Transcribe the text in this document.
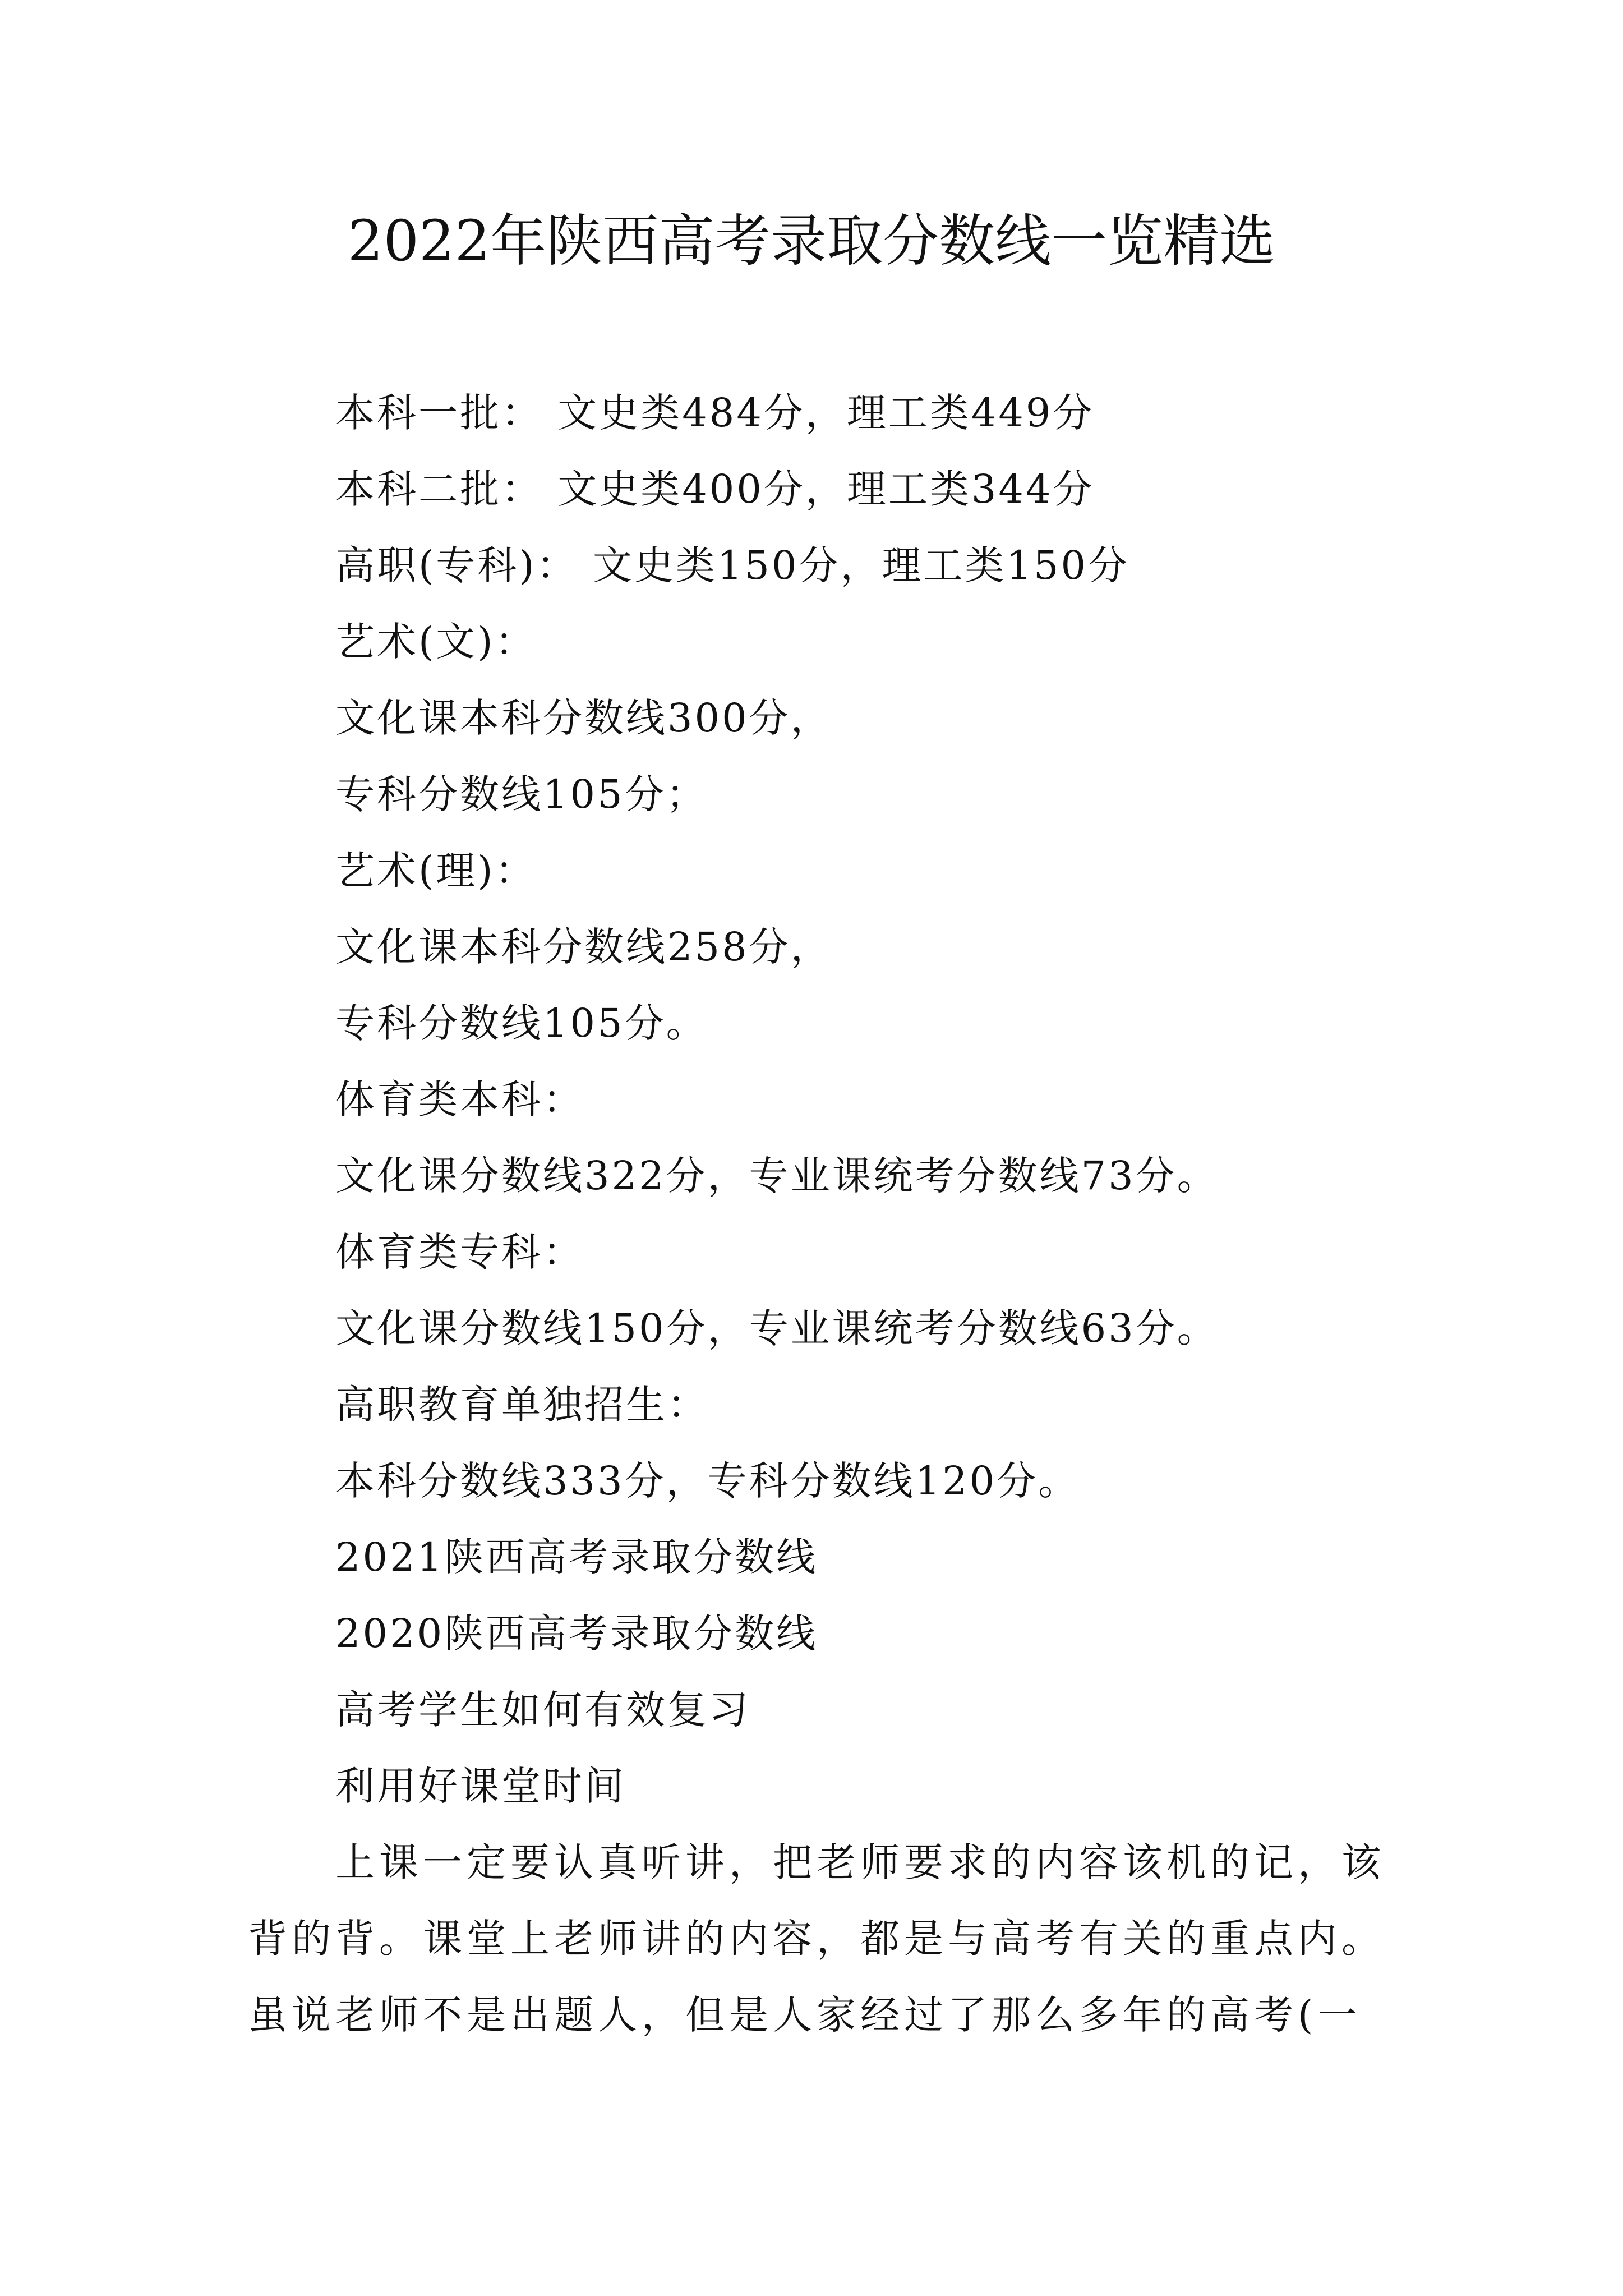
2022年陕西高考录取分数线一览精选
本科一批： 文史类484分，理工类449分
本科二批： 文史类400分，理工类344分
高职(专科)： 文史类150分，理工类150分
艺术(文)：
文化课本科分数线300分，
专科分数线105分；
艺术(理)：
文化课本科分数线258分，
专科分数线105分。
体育类本科：
文化课分数线322分，专业课统考分数线73分。
体育类专科：
文化课分数线150分，专业课统考分数线63分。
高职教育单独招生：
本科分数线333分，专科分数线120分。
2021陕西高考录取分数线
2020陕西高考录取分数线
高考学生如何有效复习
利用好课堂时间

上课一定要认真听讲，把老师要求的内容该机的记，该背的背。课堂上老师讲的内容，都是与高考有关的重点内。虽说老师不是出题人，但是人家经过了那么多年的高考(一
